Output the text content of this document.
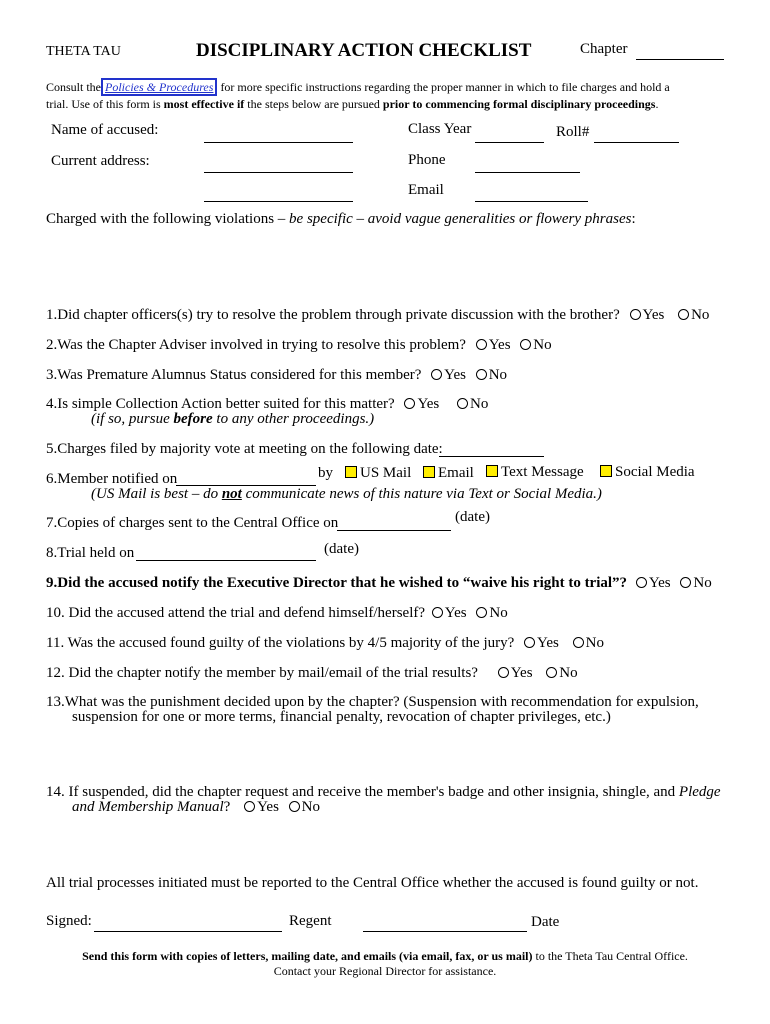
THETA TAU	DISCIPLINARY ACTION CHECKLIST	Chapter
Consult the Policies & Procedures for more specific instructions regarding the proper manner in which to file charges and hold a
trial. Use of this form is most effective if the steps below are pursued prior to commencing formal disciplinary proceedings.
Name of accused:	Class Year	Roll#
Current address:	Phone
Email
Charged with the following violations – be specific – avoid vague generalities or flowery phrases:
1.Did chapter officers(s) try to resolve the problem through private discussion with the brother? Yes No
2.Was the Chapter Adviser involved in trying to resolve this problem? Yes No
3.Was Premature Alumnus Status considered for this member? Yes No
4.Is simple Collection Action better suited for this matter? Yes No
(if so, pursue before to any other proceedings.)
5.Charges filed by majority vote at meeting on the following date:
6.Member notified on	by	US Mail	Email	Text Message	Social Media
(US Mail is best – do not communicate news of this nature via Text or Social Media.)
7.Copies of charges sent to the Central Office on	(date)
8.Trial held on	(date)
9.Did the accused notify the Executive Director that he wished to “waive his right to trial”? Yes No
10. Did the accused attend the trial and defend himself/herself? Yes No
11. Was the accused found guilty of the violations by 4/5 majority of the jury? Yes No
12. Did the chapter notify the member by mail/email of the trial results? Yes No
13.What was the punishment decided upon by the chapter? (Suspension with recommendation for expulsion,
suspension for one or more terms, financial penalty, revocation of chapter privileges, etc.)
14. If suspended, did the chapter request and receive the member's badge and other insignia, shingle, and Pledge
and Membership Manual? Yes No
All trial processes initiated must be reported to the Central Office whether the accused is found guilty or not.
Signed:	Regent	Date
Send this form with copies of letters, mailing date, and emails (via email, fax, or us mail) to the Theta Tau Central Office.
Contact your Regional Director for assistance.
